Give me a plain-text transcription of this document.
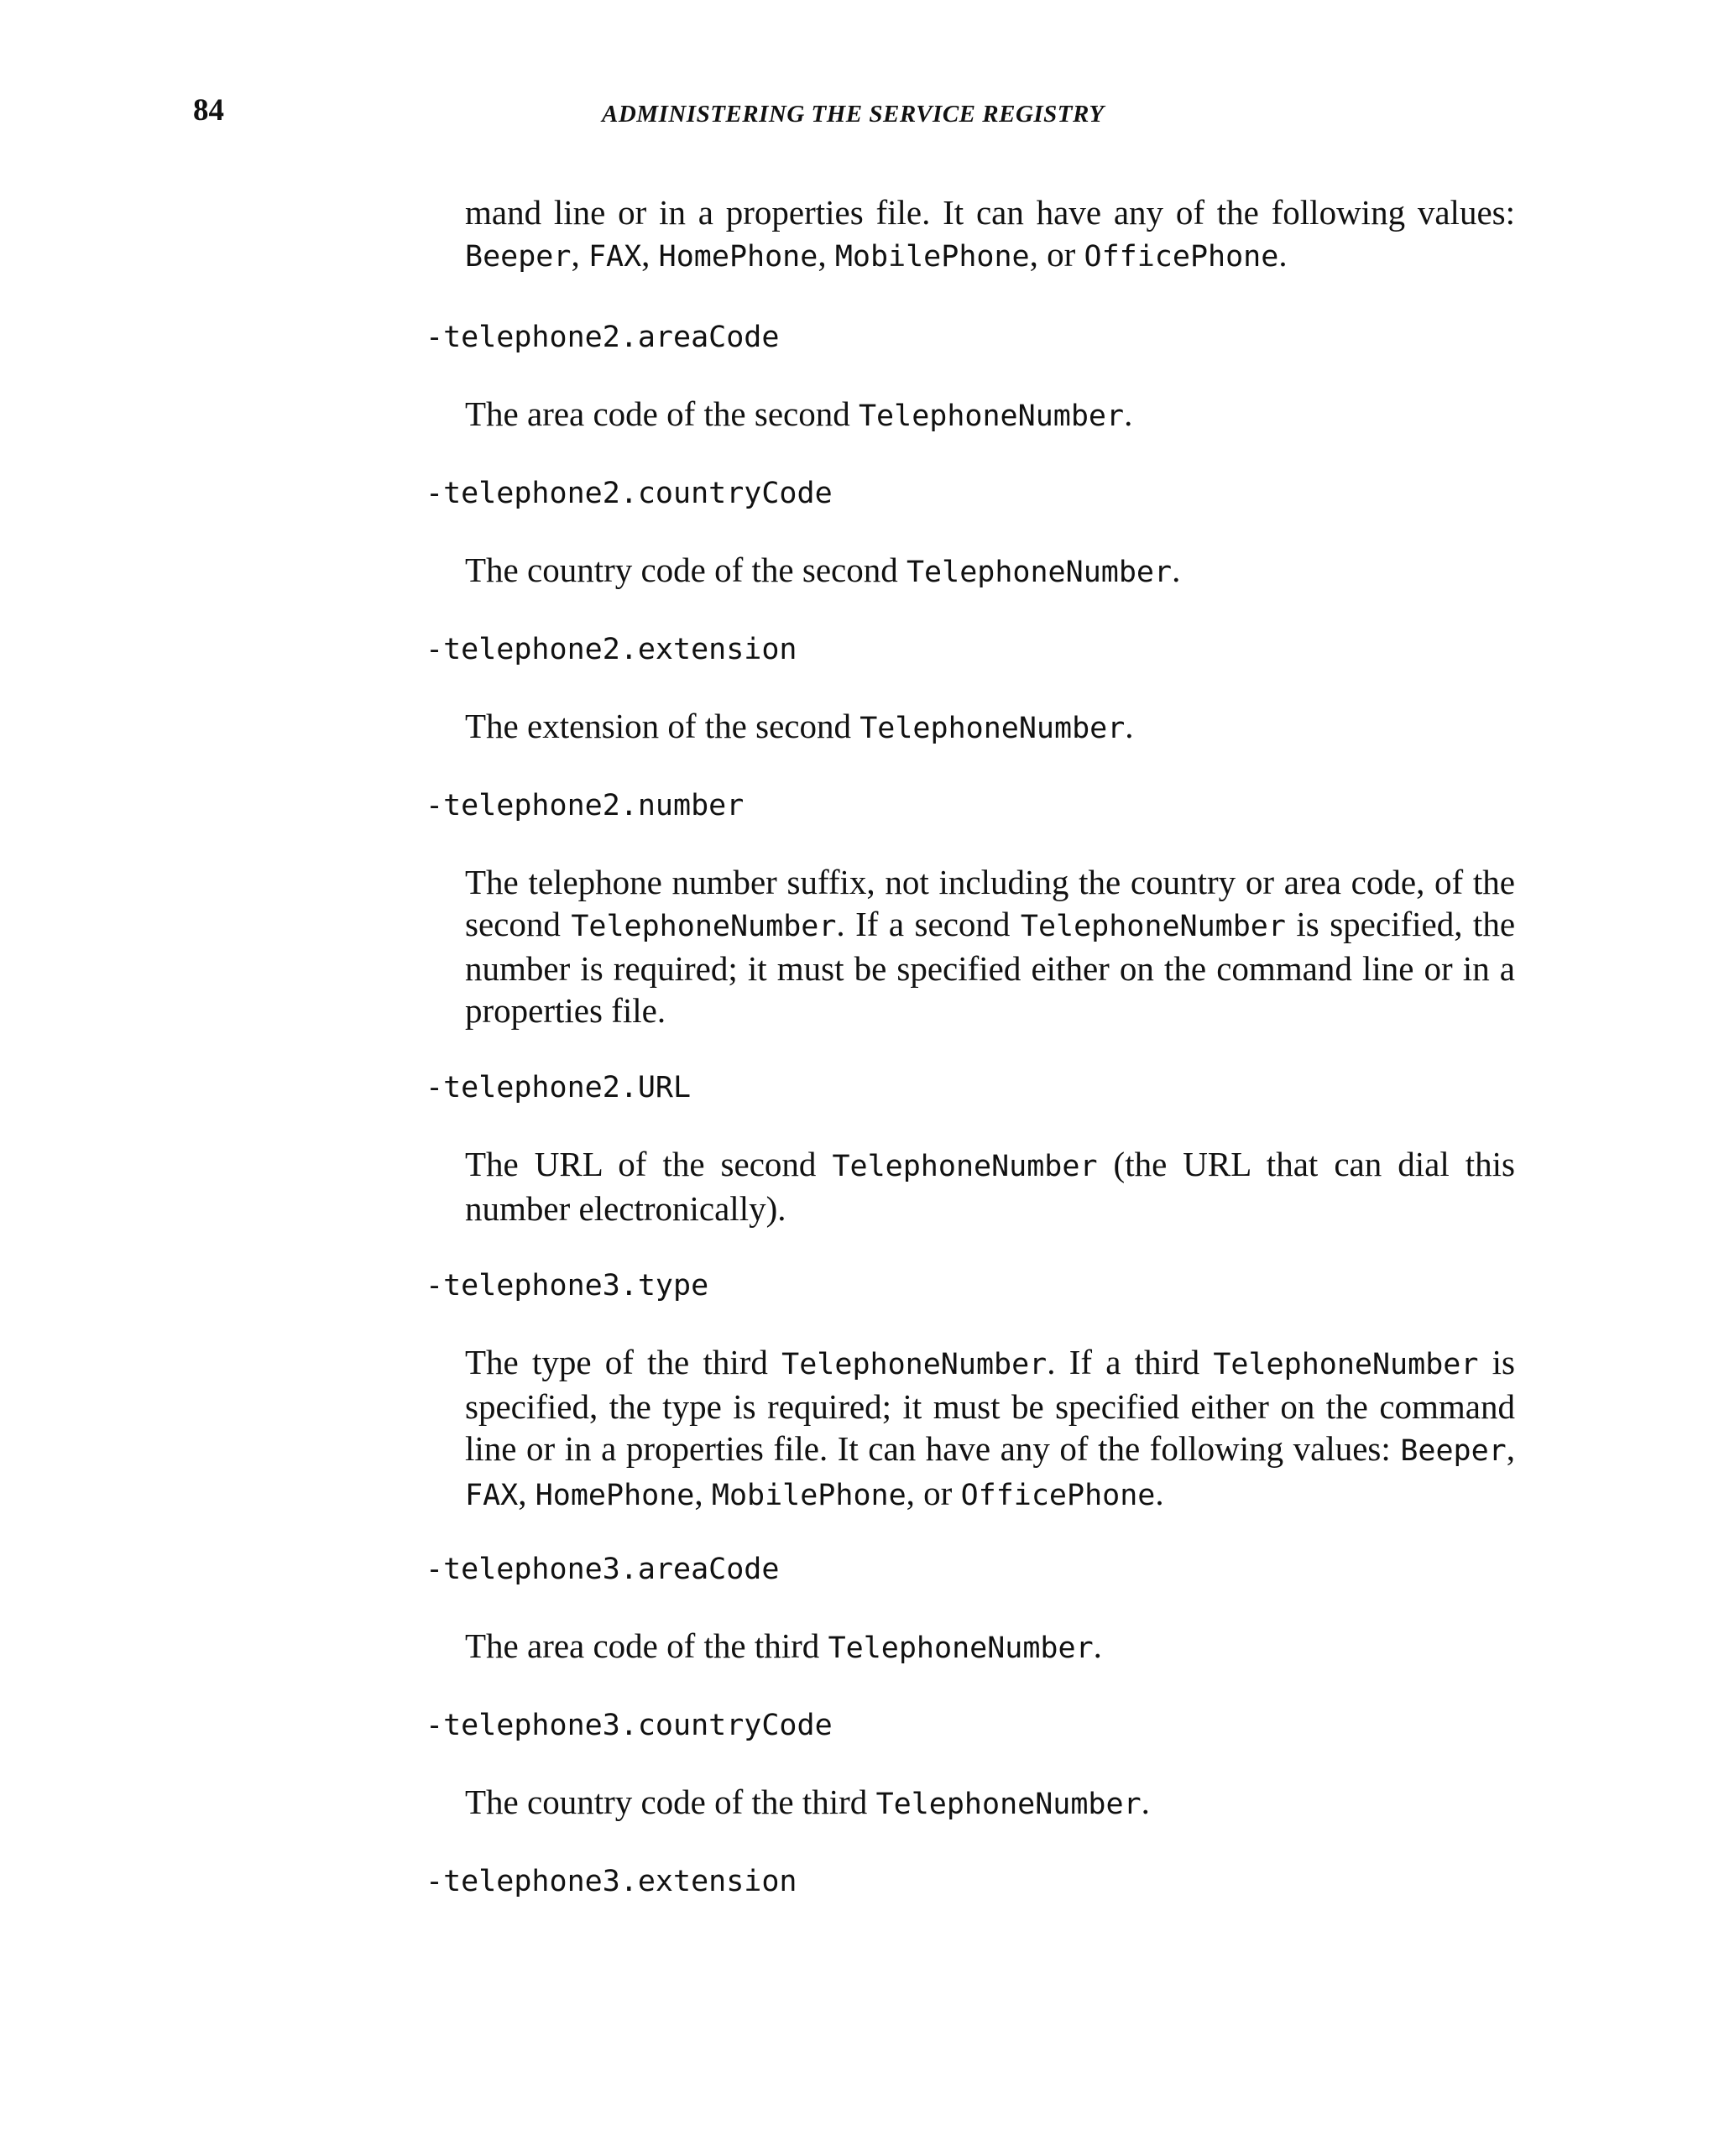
84	ADMINISTERING THE SERVICE REGISTRY
mand line or in a properties file. It can have any of the following values: Beeper, FAX, HomePhone, MobilePhone, or OfficePhone.
-telephone2.areaCode
The area code of the second TelephoneNumber.
-telephone2.countryCode
The country code of the second TelephoneNumber.
-telephone2.extension
The extension of the second TelephoneNumber.
-telephone2.number
The telephone number suffix, not including the country or area code, of the second TelephoneNumber. If a second TelephoneNumber is specified, the number is required; it must be specified either on the command line or in a properties file.
-telephone2.URL
The URL of the second TelephoneNumber (the URL that can dial this number electronically).
-telephone3.type
The type of the third TelephoneNumber. If a third TelephoneNumber is specified, the type is required; it must be specified either on the command line or in a properties file. It can have any of the following values: Beeper, FAX, HomePhone, MobilePhone, or OfficePhone.
-telephone3.areaCode
The area code of the third TelephoneNumber.
-telephone3.countryCode
The country code of the third TelephoneNumber.
-telephone3.extension
